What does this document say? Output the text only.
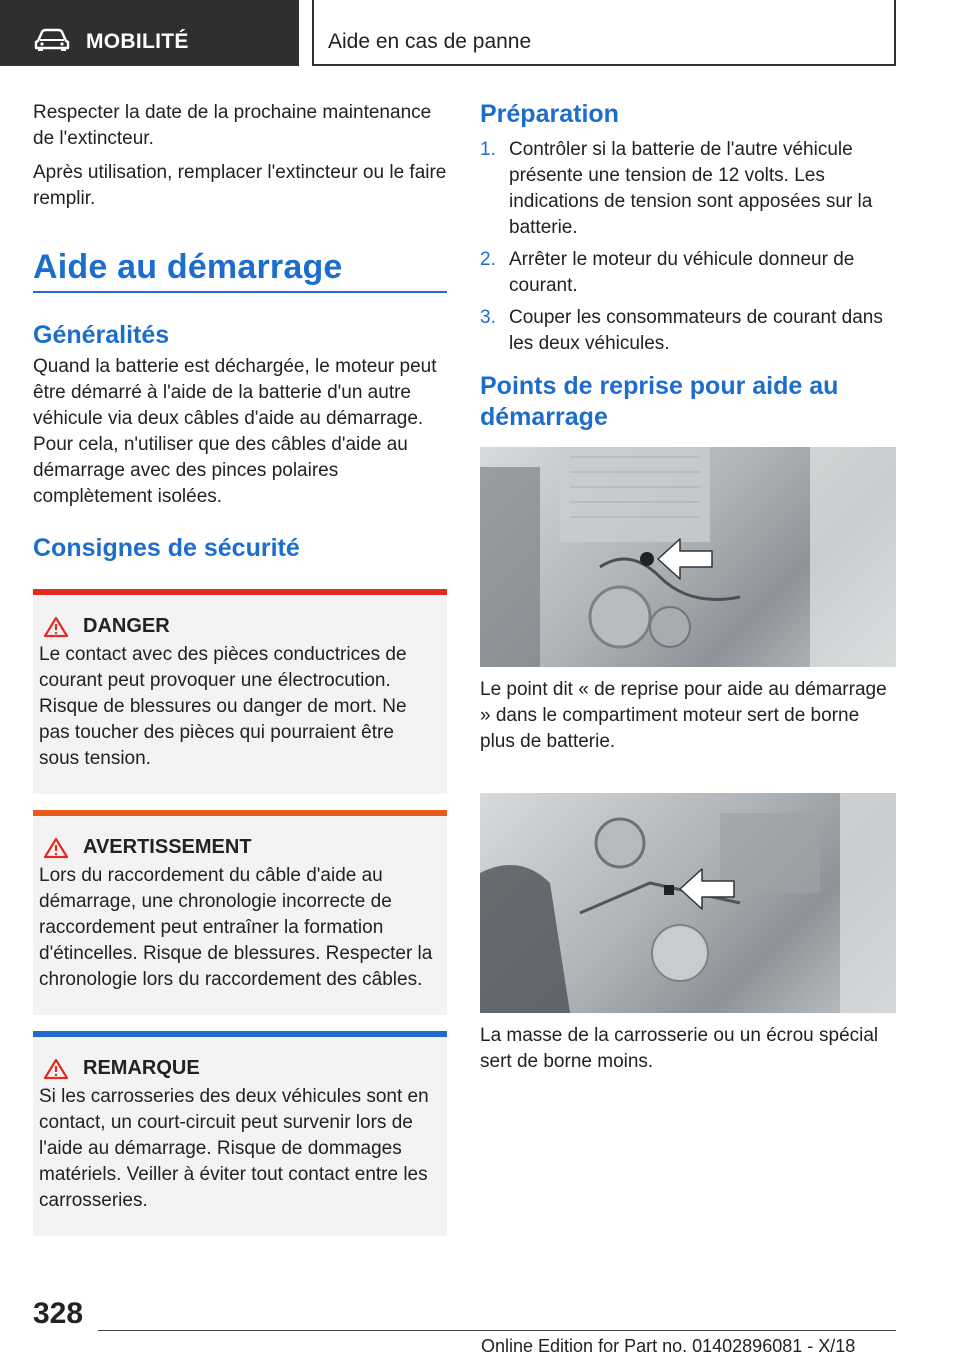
MOBILITÉ	Aide en cas de panne

Respecter la date de la prochaine maintenance de l'extincteur.

Après utilisation, remplacer l'extincteur ou le faire remplir.

Aide au démarrage
Généralités

Quand la batterie est déchargée, le moteur peut être démarré à l'aide de la batterie d'un autre véhicule via deux câbles d'aide au démarrage. Pour cela, n'utiliser que des câbles d'aide au démarrage avec des pinces polaires complètement isolées.

Consignes de sécurité
DANGER

Le contact avec des pièces conductrices de courant peut provoquer une électrocution. Risque de blessures ou danger de mort. Ne pas toucher des pièces qui pourraient être sous tension.

AVERTISSEMENT

Lors du raccordement du câble d'aide au démarrage, une chronologie incorrecte de raccordement peut entraîner la formation d'étincelles. Risque de blessures. Respecter la chronologie lors du raccordement des câbles.

REMARQUE

Si les carrosseries des deux véhicules sont en contact, un court-circuit peut survenir lors de l'aide au démarrage. Risque de dommages matériels. Veiller à éviter tout contact entre les carrosseries.

Préparation
1. Contrôler si la batterie de l'autre véhicule présente une tension de 12 volts. Les indications de tension sont apposées sur la batterie.
2. Arrêter le moteur du véhicule donneur de courant.
3. Couper les consommateurs de courant dans les deux véhicules.
Points de reprise pour aide au démarrage

Le point dit « de reprise pour aide au démarrage » dans le compartiment moteur sert de borne plus de batterie.

La masse de la carrosserie ou un écrou spécial sert de borne moins.

328
Online Edition for Part no. 01402896081 - X/18
